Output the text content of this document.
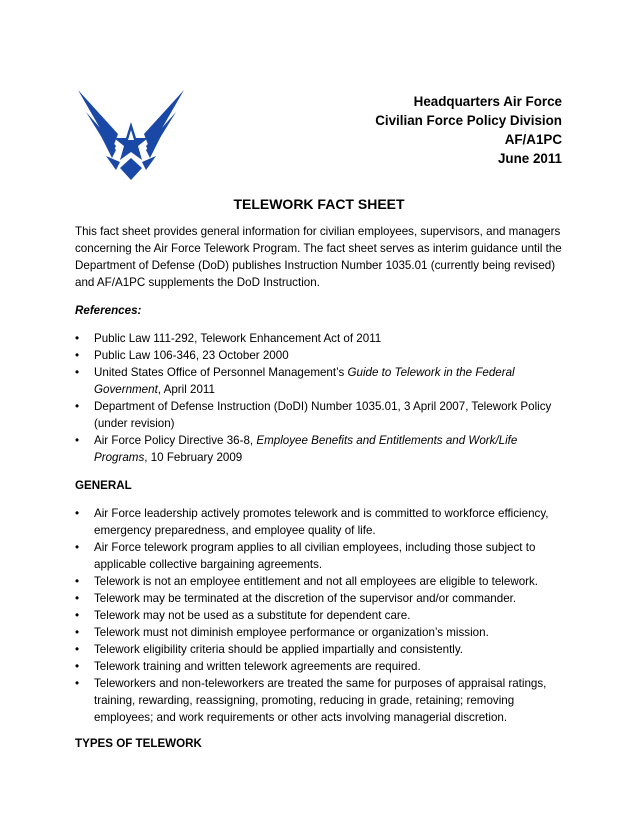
Headquarters Air Force
Civilian Force Policy Division
AF/A1PC
June 2011
TELEWORK FACT SHEET

This fact sheet provides general information for civilian employees, supervisors, and managers concerning the Air Force Telework Program. The fact sheet serves as interim guidance until the Department of Defense (DoD) publishes Instruction Number 1035.01 (currently being revised) and AF/A1PC supplements the DoD Instruction.

References:

• Public Law 111-292, Telework Enhancement Act of 2011
• Public Law 106-346, 23 October 2000
• United States Office of Personnel Management’s Guide to Telework in the Federal Government, April 2011
• Department of Defense Instruction (DoDI) Number 1035.01, 3 April 2007, Telework Policy (under revision)
• Air Force Policy Directive 36-8, Employee Benefits and Entitlements and Work/Life Programs, 10 February 2009

GENERAL

• Air Force leadership actively promotes telework and is committed to workforce efficiency, emergency preparedness, and employee quality of life.
• Air Force telework program applies to all civilian employees, including those subject to applicable collective bargaining agreements.
• Telework is not an employee entitlement and not all employees are eligible to telework.
• Telework may be terminated at the discretion of the supervisor and/or commander.
• Telework may not be used as a substitute for dependent care.
• Telework must not diminish employee performance or organization’s mission.
• Telework eligibility criteria should be applied impartially and consistently.
• Telework training and written telework agreements are required.
• Teleworkers and non-teleworkers are treated the same for purposes of appraisal ratings, training, rewarding, reassigning, promoting, reducing in grade, retaining; removing employees; and work requirements or other acts involving managerial discretion.

TYPES OF TELEWORK
